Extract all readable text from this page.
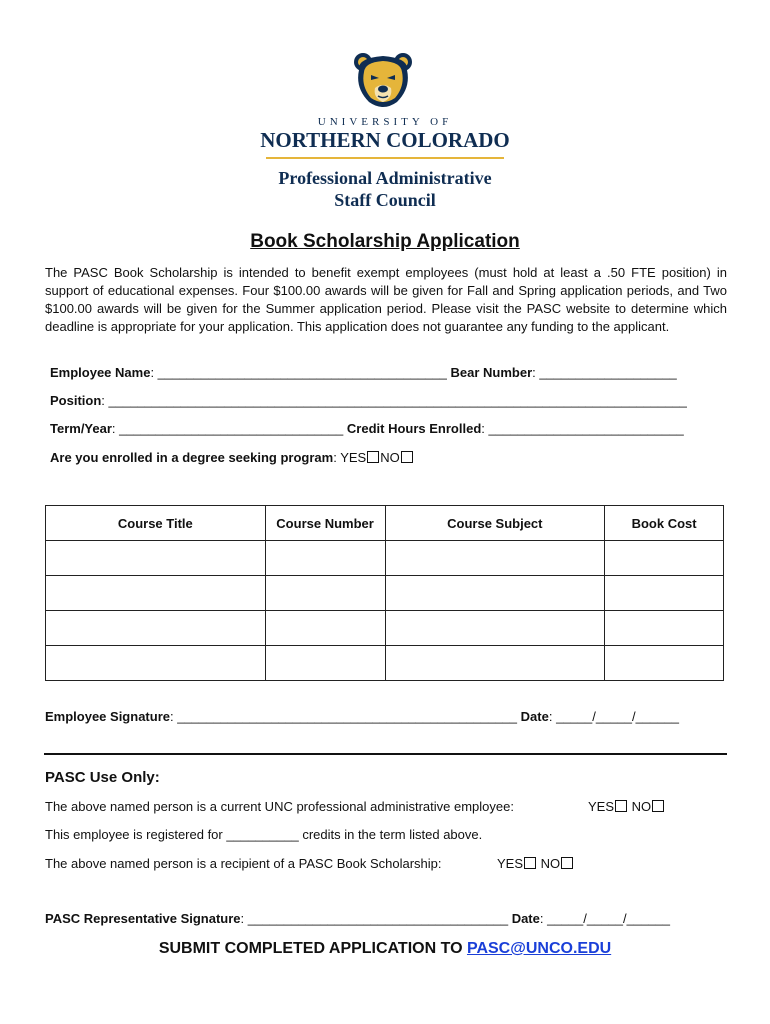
UNIVERSITY OF
NORTHERN COLORADO
Professional Administrative
Staff Council
Book Scholarship Application
The PASC Book Scholarship is intended to benefit exempt employees (must hold at least a .50 FTE position) in support of educational expenses. Four $100.00 awards will be given for Fall and Spring application periods, and Two $100.00 awards will be given for the Summer application period. Please visit the PASC website to determine which deadline is appropriate for your application. This application does not guarantee any funding to the applicant.
Employee Name: ________________________________________ Bear Number: ___________________
Position: ________________________________________________________________________________
Term/Year: _______________________________ Credit Hours Enrolled: ___________________________
Are you enrolled in a degree seeking program: YES NO
Course Title	Course Number	Course Subject	Book Cost

Employee Signature: _______________________________________________ Date: _____/_____/______
PASC Use Only:
The above named person is a current UNC professional administrative employee:	YES NO
This employee is registered for __________ credits in the term listed above.
The above named person is a recipient of a PASC Book Scholarship:	YES NO
PASC Representative Signature: ____________________________________ Date: _____/_____/______
SUBMIT COMPLETED APPLICATION TO PASC@UNCO.EDU
